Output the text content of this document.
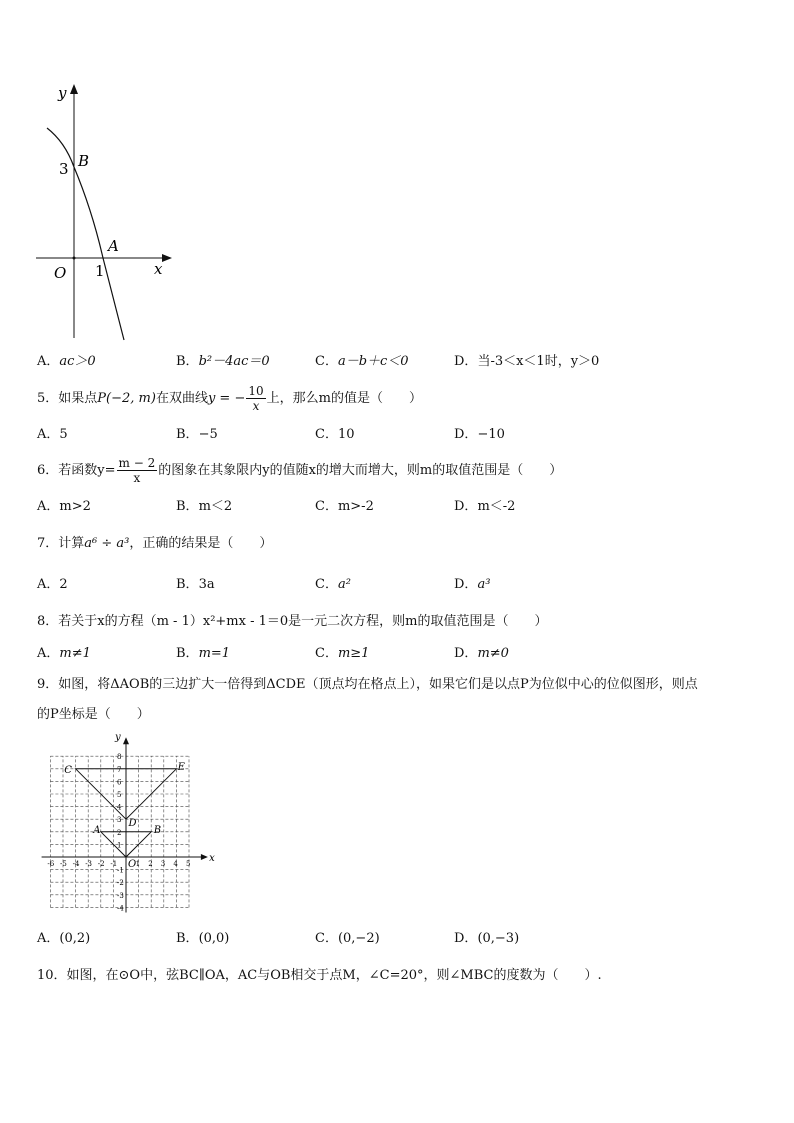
y
x
O
3
1
B
A
A．ac＞0	B．b²－4ac＝0	C．a－b＋c＜0	D．当-3＜x＜1时，y＞0
5．如果点P(−2, m)在双曲线y = − $\frac{10}{x}$ 上，那么m的值是（　　）
A．5	B．−5	C．10	D．−10
6．若函数$y= \frac{m - 2}{x}$ 的图象在其象限内y的值随x的增大而增大，则m的取值范围是（　　）
A．m>2	B．m＜2	C．m>-2	D．m＜-2
7．计算a⁶ ÷ a³，正确的结果是（　　）
A．2	B．3a	C．a²	D．a³
8．若关于x的方程（m - 1）x²+mx - 1＝0是一元二次方程，则m的取值范围是（　　）
A．m≠1	B．m=1	C．m≥1	D．m≠0
9．如图，将ΔAOB的三边扩大一倍得到ΔCDE（顶点均在格点上），如果它们是以点P为位似中心的位似图形，则点
的P坐标是（　　）
-6 -5 -4 -3 -2 -1	1 2 3 4 5
8
7
6
5
4
3
2
1
-1
-2
-3
-4
y
x
O
A	B
C	E
D
A．(0,2)	B．(0,0)	C．(0,−2)	D．(0,−3)
10．如图，在⊙O中，弦BC∥OA，AC与OB相交于点M，∠C=20°，则∠MBC的度数为（　　）.
